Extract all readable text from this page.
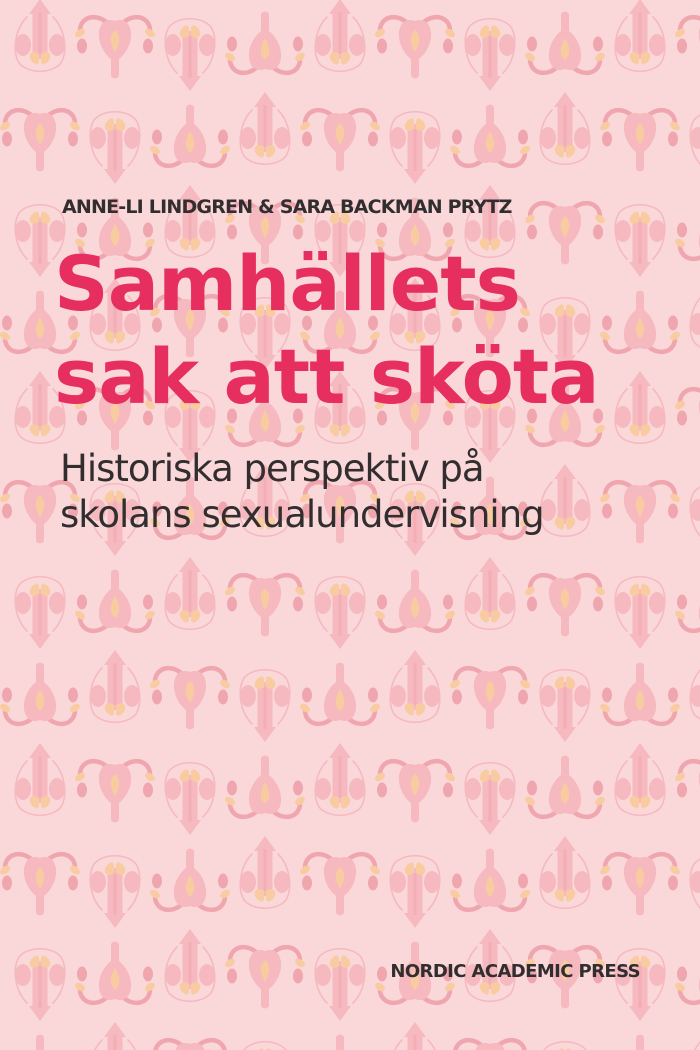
ANNE-LI LINDGREN & SARA BACKMAN PRYTZ
Samhällets
sak att sköta
Historiska perspektiv på
skolans sexualundervisning
NORDIC ACADEMIC PRESS
